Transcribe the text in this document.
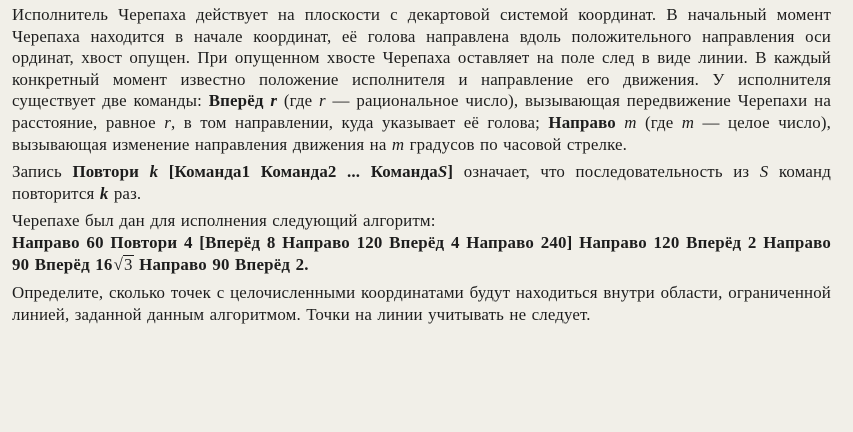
Исполнитель Черепаха действует на плоскости с декартовой системой координат. В начальный момент Черепаха находится в начале координат, её голова направлена вдоль положительного направления оси ординат, хвост опущен. При опущенном хвосте Черепаха оставляет на поле след в виде линии. В каждый конкретный момент известно положение исполнителя и направление его движения. У исполнителя существует две команды: Вперёд r (где r — рациональное число), вызывающая передвижение Черепахи на расстояние, равное r, в том направлении, куда указывает её голова; Направо m (где m — целое число), вызывающая изменение направления движения на m градусов по часовой стрелке.

Запись Повтори k [Команда1 Команда2 ... КомандаS] означает, что последовательность из S команд повторится k раз.

Черепахе был дан для исполнения следующий алгоритм:

Направо 60 Повтори 4 [Вперёд 8 Направо 120 Вперёд 4 Направо 240] Направо 120 Вперёд 2 Направо 90 Вперёд 16√3 Направо 90 Вперёд 2.

Определите, сколько точек с целочисленными координатами будут находиться внутри области, ограниченной линией, заданной данным алгоритмом. Точки на линии учитывать не следует.
